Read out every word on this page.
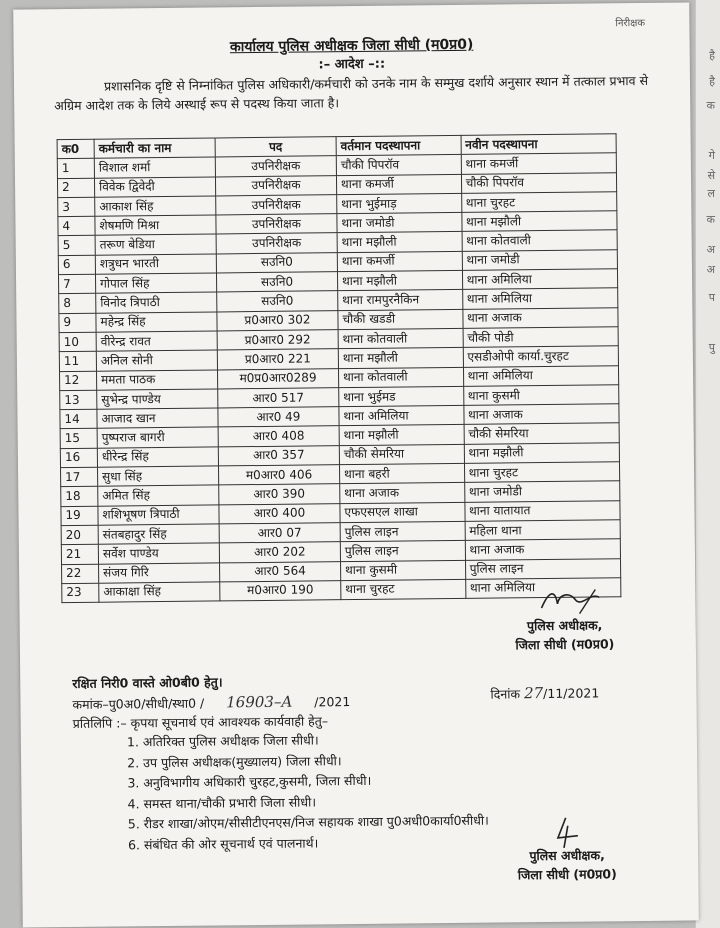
है
है
क
गे
से
ल
क
अ
अ
प
पु
निरीक्षक
कार्यालय पुलिस अधीक्षक जिला सीधी (म0प्र0)
:– आदेश –::
प्रशासनिक दृष्टि से निम्नांकित पुलिस अधिकारी/कर्मचारी को उनके नाम के सम्मुख दर्शाये अनुसार स्थान में तत्काल प्रभाव से अग्रिम आदेश तक के लिये अस्थाई रूप से पदस्थ किया जाता है।
क0	कर्मचारी का नाम	पद	वर्तमान पदस्थापना	नवीन पदस्थापना
1	विशाल शर्मा	उपनिरीक्षक	चौकी पिपरॉव	थाना कमर्जी
2	विवेक द्विवेदी	उपनिरीक्षक	थाना कमर्जी	चौकी पिपरॉव
3	आकाश सिंह	उपनिरीक्षक	थाना भुईमाड़	थाना चुरहट
4	शेषमणि मिश्रा	उपनिरीक्षक	थाना जमोडी	थाना मझौली
5	तरूण बेडिया	उपनिरीक्षक	थाना मझौली	थाना कोतवाली
6	शत्रुधन भारती	सउनि0	थाना कमर्जी	थाना जमोडी
7	गोपाल सिंह	सउनि0	थाना मझौली	थाना अमिलिया
8	विनोद त्रिपाठी	सउनि0	थाना रामपुरनैकिन	थाना अमिलिया
9	महेन्द्र सिंह	प्र0आर0 302	चौकी खडडी	थाना अजाक
10	वीरेन्द्र रावत	प्र0आर0 292	थाना कोतवाली	चौकी पोडी
11	अनिल सोनी	प्र0आर0 221	थाना मझौली	एसडीओपी कार्या.चुरहट
12	ममता पाठक	म0प्र0आर0289	थाना कोतवाली	थाना अमिलिया
13	सुभेन्द्र पाण्डेय	आर0 517	थाना भुईमड	थाना कुसमी
14	आजाद खान	आर0 49	थाना अमिलिया	थाना अजाक
15	पुष्पराज बागरी	आर0 408	थाना मझौली	चौकी सेमरिया
16	धीरेन्द्र सिंह	आर0 357	चौकी सेमरिया	थाना मझौली
17	सुधा सिंह	म0आर0 406	थाना बहरी	थाना चुरहट
18	अमित सिंह	आर0 390	थाना अजाक	थाना जमोडी
19	शशिभूषण त्रिपाठी	आर0 400	एफएसएल शाखा	थाना यातायात
20	संतबहादुर सिंह	आर0 07	पुलिस लाइन	महिला थाना
21	सर्वेश पाण्डेय	आर0 202	पुलिस लाइन	थाना अजाक
22	संजय गिरि	आर0 564	थाना कुसमी	पुलिस लाइन
23	आकाक्षा सिंह	म0आर0 190	थाना चुरहट	थाना अमिलिया
पुलिस अधीक्षक,
जिला सीधी (म0प्र0)
रक्षित निरी0 वास्ते ओ0बी0 हेतु।
कमांक–पु0अ0/सीधी/स्था0 / 16903–A /2021
दिनांक 27/11/2021
प्रतिलिपि :– कृपया सूचनार्थ एवं आवश्यक कार्यवाही हेतु–
1. अतिरिक्त पुलिस अधीक्षक जिला सीधी।
2. उप पुलिस अधीक्षक(मुख्यालय) जिला सीधी।
3. अनुविभागीय अधिकारी चुरहट,कुसमी, जिला सीधी।
4. समस्त थाना/चौकी प्रभारी जिला सीधी।
5. रीडर शाखा/ओएम/सीसीटीएनएस/निज सहायक शाखा पु0अधी0कार्या0सीधी।
6. संबंधित की ओर सूचनार्थ एवं पालनार्थ।
पुलिस अधीक्षक,
जिला सीधी (म0प्र0)
